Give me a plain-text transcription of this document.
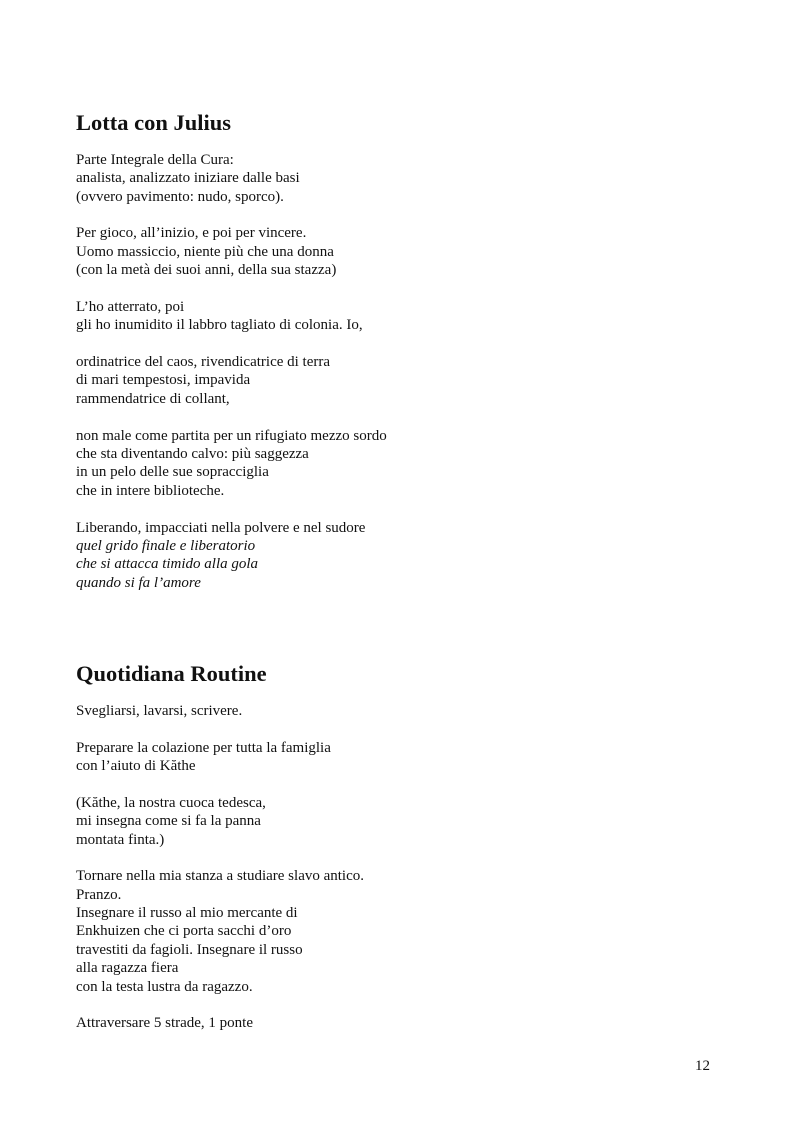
Lotta con Julius

Parte Integrale della Cura:
analista, analizzato iniziare dalle basi
(ovvero pavimento: nudo, sporco).

Per gioco, all’inizio, e poi per vincere.
Uomo massiccio, niente più che una donna
(con la metà dei suoi anni, della sua stazza)

L’ho atterrato, poi
gli ho inumidito il labbro tagliato di colonia. Io,

ordinatrice del caos, rivendicatrice di terra
di mari tempestosi, impavida
rammendatrice di collant,

non male come partita per un rifugiato mezzo sordo
che sta diventando calvo: più saggezza
in un pelo delle sue sopracciglia
che in intere biblioteche.

Liberando, impacciati nella polvere e nel sudore
quel grido finale e liberatorio
che si attacca timido alla gola
quando si fa l’amore

Quotidiana Routine

Svegliarsi, lavarsi, scrivere.

Preparare la colazione per tutta la famiglia
con l’aiuto di Kăthe

(Kăthe, la nostra cuoca tedesca,
mi insegna come si fa la panna
montata finta.)

Tornare nella mia stanza a studiare slavo antico.
Pranzo.
Insegnare il russo al mio mercante di
Enkhuizen che ci porta sacchi d’oro
travestiti da fagioli. Insegnare il russo
alla ragazza fiera
con la testa lustra da ragazzo.

Attraversare 5 strade, 1 ponte

12
